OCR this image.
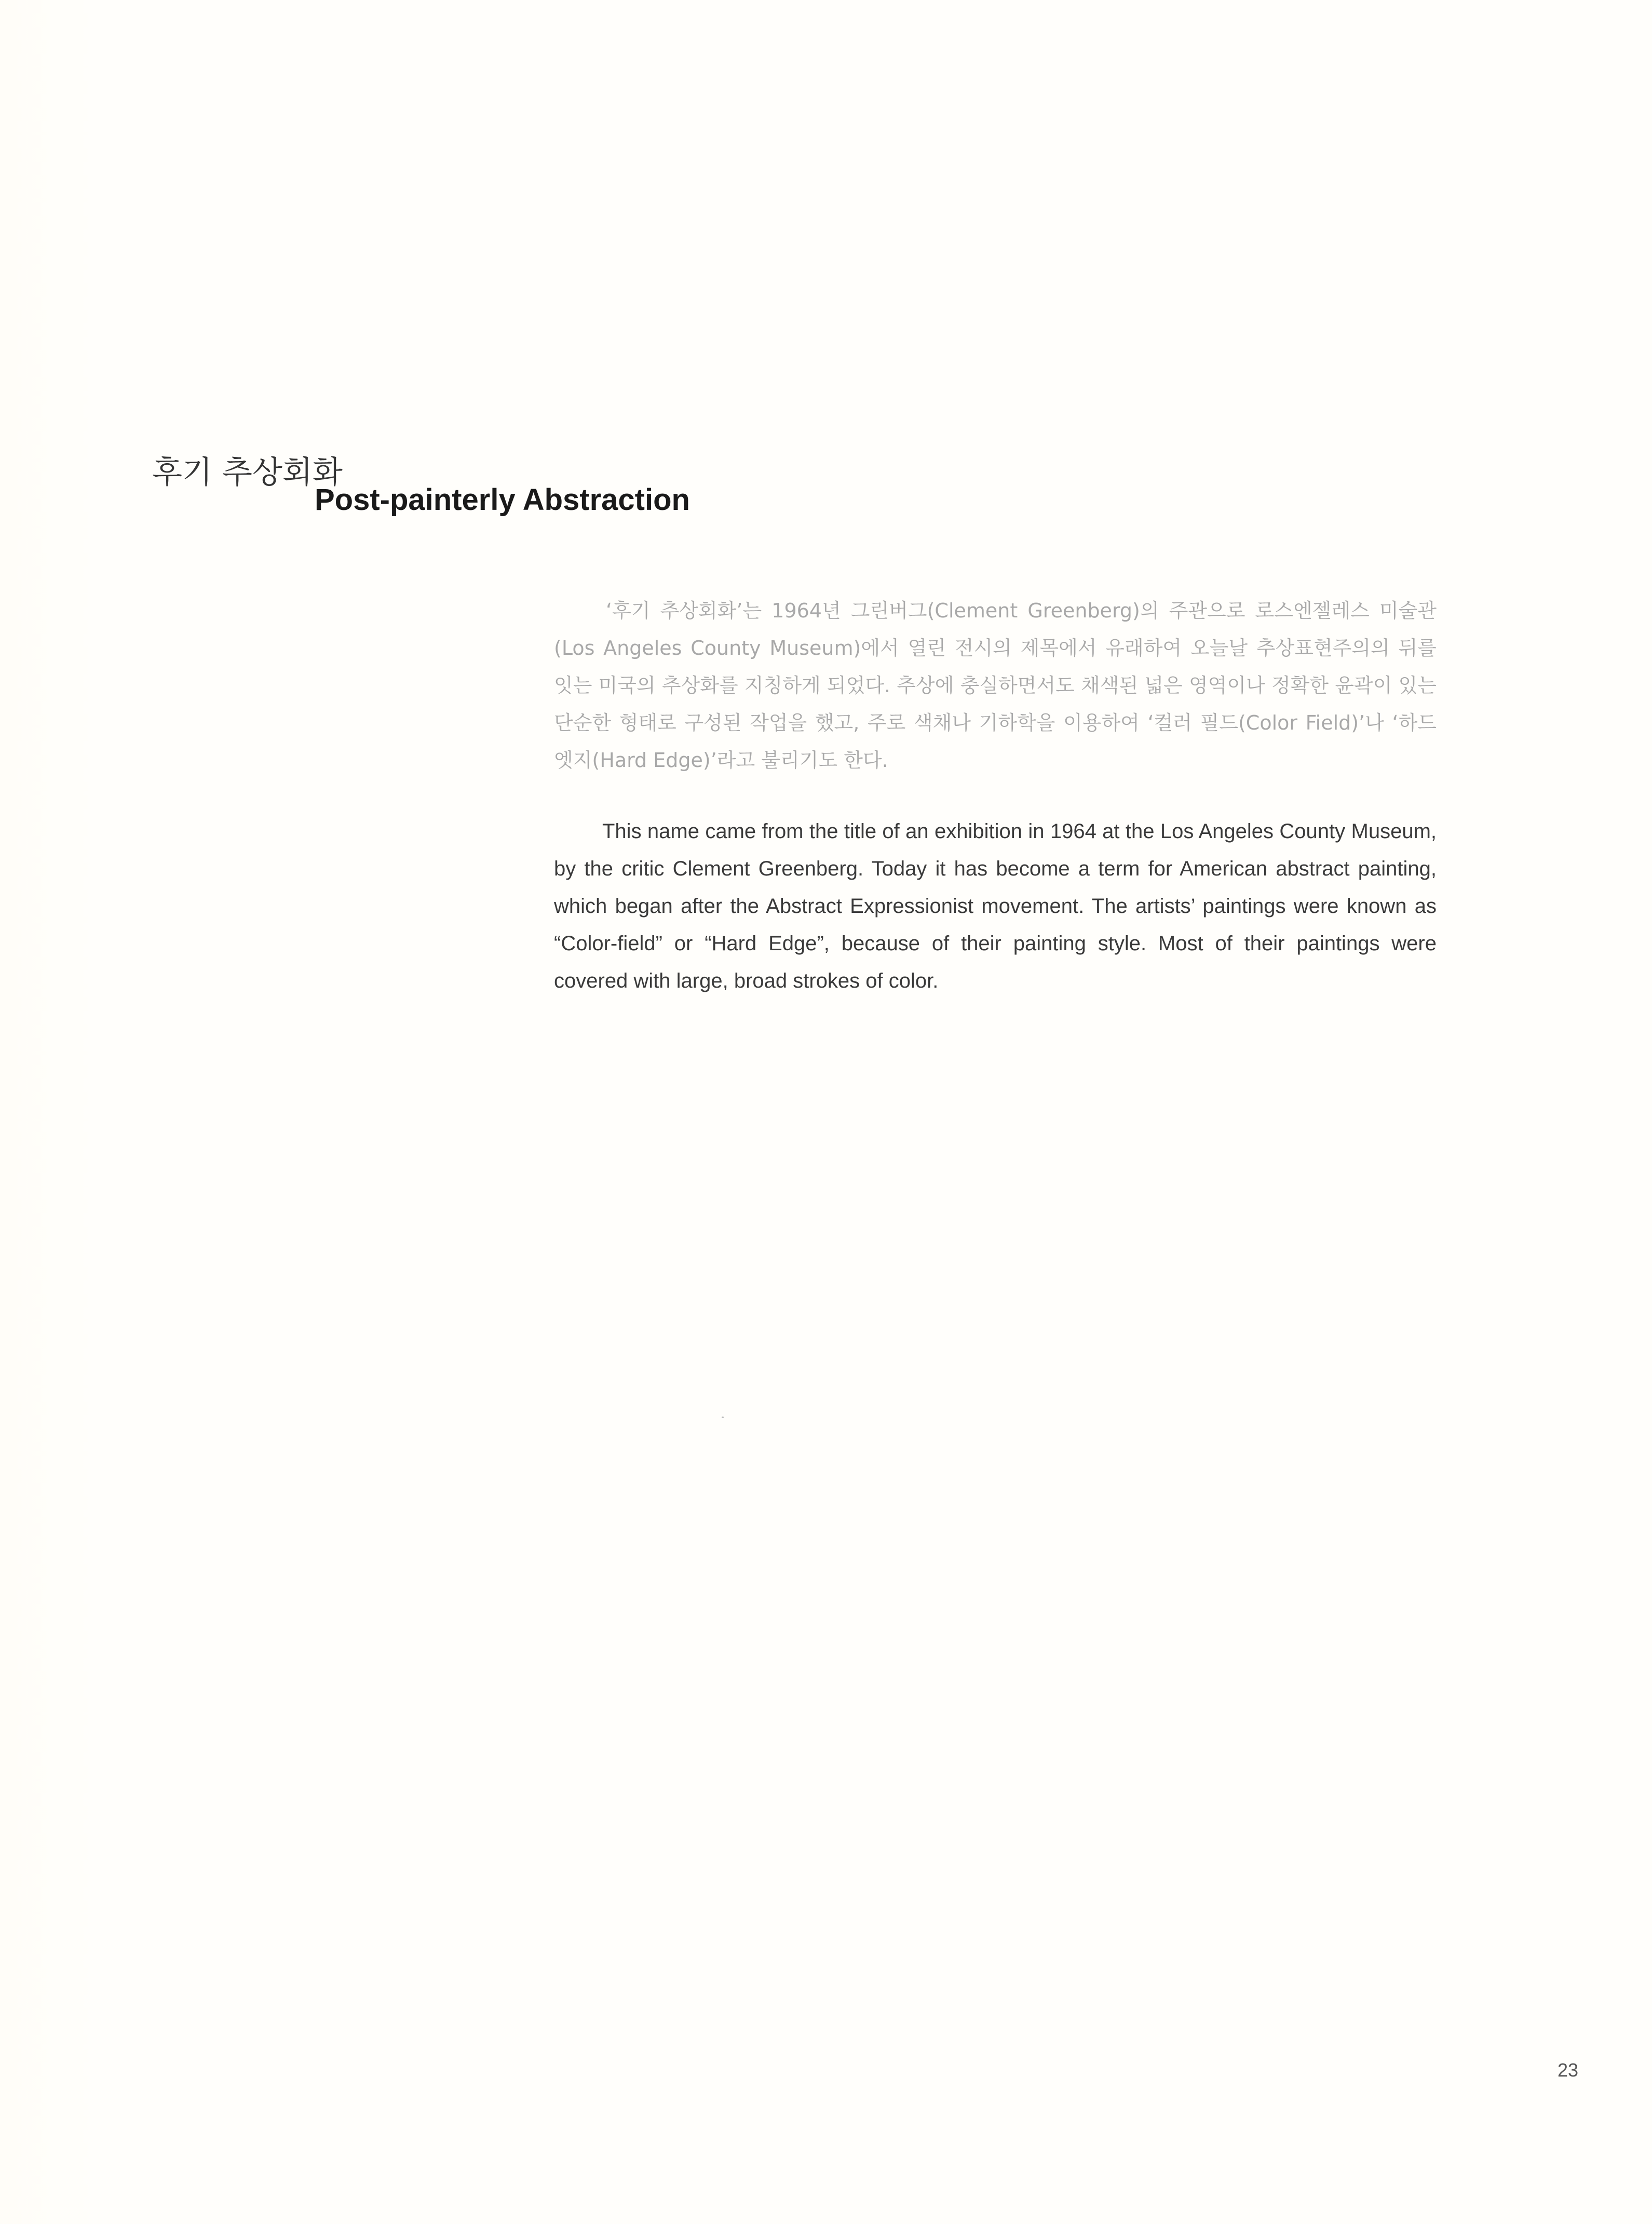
후기 추상회화
Post-painterly Abstraction

‘후기 추상회화’는 1964년 그린버그(Clement Greenberg)의 주관으로 로스엔젤레스 미술관(Los Angeles County Museum)에서 열린 전시의 제목에서 유래하여 오늘날 추상표현주의의 뒤를 잇는 미국의 추상화를 지칭하게 되었다. 추상에 충실하면서도 채색된 넓은 영역이나 정확한 윤곽이 있는 단순한 형태로 구성된 작업을 했고, 주로 색채나 기하학을 이용하여 ‘컬러 필드(Color Field)’나 ‘하드 엣지(Hard Edge)’라고 불리기도 한다.

This name came from the title of an exhibition in 1964 at the Los Angeles County Museum, by the critic Clement Greenberg. Today it has become a term for American abstract painting, which began after the Abstract Expressionist movement. The artists’ paintings were known as “Color-field” or “Hard Edge”, because of their painting style. Most of their paintings were covered with large, broad strokes of color.

23
